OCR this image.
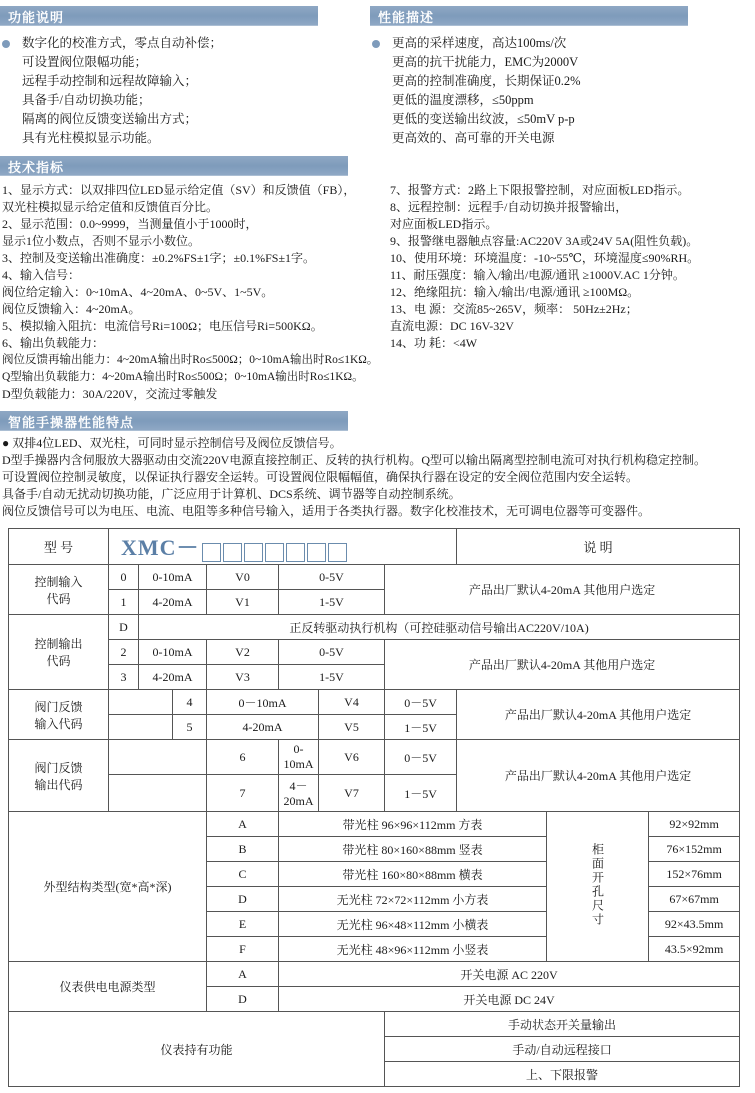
功能说明
数字化的校准方式，零点自动补偿；
可设置阀位限幅功能；
远程手动控制和远程故障输入；
具备手/自动切换功能；
隔离的阀位反馈变送输出方式；
具有光柱模拟显示功能。
性能描述
更高的采样速度，高达100ms/次
更高的抗干扰能力，EMC为2000V
更高的控制准确度，长期保证0.2%
更低的温度漂移，≤50ppm
更低的变送输出纹波，≤50mV p-p
更高效的、高可靠的开关电源
技术指标
1、显示方式：以双排四位LED显示给定值（SV）和反馈值（FB），
双光柱模拟显示给定值和反馈值百分比。
2、显示范围：0.0~9999，当测量值小于1000时，
显示1位小数点，否则不显示小数位。
3、控制及变送输出准确度：±0.2%FS±1字；±0.1%FS±1字。
4、输入信号：
阀位给定输入：0~10mA、4~20mA、0~5V、1~5V。
阀位反馈输入：4~20mA。
5、模拟输入阻抗：电流信号Ri=100Ω；电压信号Ri=500KΩ。
6、输出负载能力：
阀位反馈再输出能力：4~20mA输出时Ro≤500Ω；0~10mA输出时Ro≤1KΩ。
Q型输出负载能力：4~20mA输出时Ro≤500Ω；0~10mA输出时Ro≤1KΩ。
D型负载能力：30A/220V，交流过零触发
7、报警方式：2路上下限报警控制，对应面板LED指示。
8、远程控制：远程手/自动切换并报警输出，
对应面板LED指示。
9、报警继电器触点容量:AC220V 3A或24V 5A(阻性负载)。
10、使用环境：环境温度：-10~55℃，环境湿度≤90%RH。
11、耐压强度：输入/输出/电源/通讯 ≥1000V.AC 1分钟。
12、绝缘阻抗：输入/输出/电源/通讯 ≥100MΩ。
13、电 源：交流85~265V，频率： 50Hz±2Hz；
直流电源：DC 16V-32V
14、功 耗：<4W
智能手操器性能特点
● 双排4位LED、双光柱，可同时显示控制信号及阀位反馈信号。
D型手操器内含伺服放大器驱动由交流220V电源直接控制正、反转的执行机构。Q型可以输出隔离型控制电流可对执行机构稳定控制。
可设置阀位控制灵敏度，以保证执行器安全运转。可设置阀位限幅幅值，确保执行器在设定的安全阀位范围内安全运转。
具备手/自动无扰动切换功能，广泛应用于计算机、DCS系统、调节器等自动控制系统。
阀位反馈信号可以为电压、电流、电阻等多种信号输入，适用于各类执行器。数字化校准技术，无可调电位器等可变器件。
型 号	XMC－							说 明		
控制输入
代码	0	0-10mA		V0	0-5V		产品出厂默认4-20mA 其他用户选定			
	1	4-20mA		V1	1-5V					
控制输出
代码	D	正反转驱动执行机构（可控硅驱动信号输出AC220V/10A)								
	2	0-10mA		V2	0-5V		产品出厂默认4-20mA 其他用户选定			
	3	4-20mA		V3	1-5V					
阀门反馈
输入代码			4	0－10mA		V4	0－5V	产品出厂默认4-20mA 其他用户选定		
			5	4-20mA		V5	1－5V			
阀门反馈
输出代码				6	0-10mA	V6	0－5V	产品出厂默认4-20mA 其他用户选定		
				7	4－20mA	V7	1－5V			
外型结构类型(宽*高*深)				A	带光柱 96×96×112mm 方表				柜面开孔尺寸	92×92mm
				B	带光柱 80×160×88mm 竖表					76×152mm
				C	带光柱 160×80×88mm 横表					152×76mm
				D	无光柱 72×72×112mm 小方表					67×67mm
				E	无光柱 96×48×112mm 小横表					92×43.5mm
				F	无光柱 48×96×112mm 小竖表					43.5×92mm
仪表供电电源类型				A	开关电源 AC 220V					
				D	开关电源 DC 24V					
仪表持有功能							手动状态开关量输出			
							手动/自动远程接口			
							上、下限报警			
